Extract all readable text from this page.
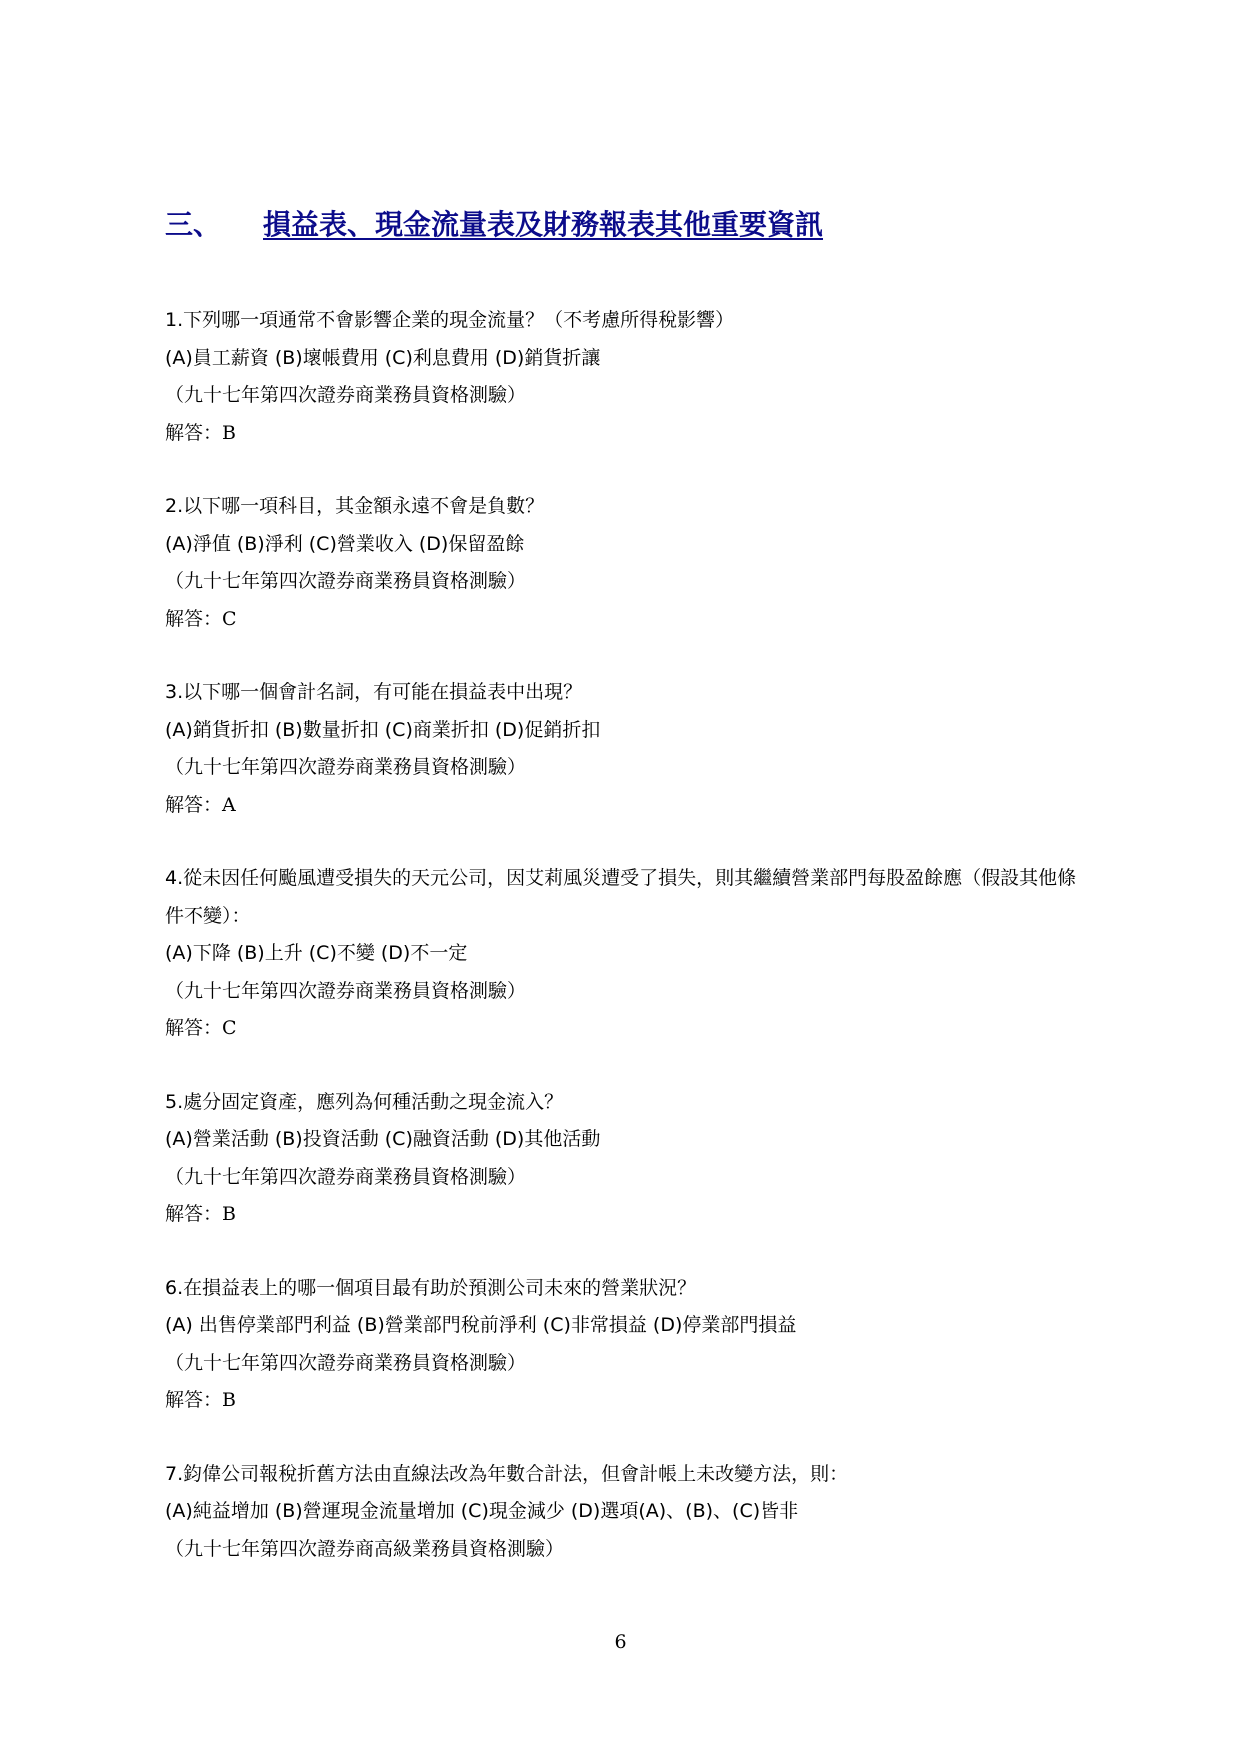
三、 損益表、現金流量表及財務報表其他重要資訊
1.下列哪一項通常不會影響企業的現金流量？（不考慮所得稅影響）
(A)員工薪資 (B)壞帳費用 (C)利息費用 (D)銷貨折讓
（九十七年第四次證券商業務員資格測驗）
解答：B
2.以下哪一項科目，其金額永遠不會是負數？
(A)淨值 (B)淨利 (C)營業收入 (D)保留盈餘
（九十七年第四次證券商業務員資格測驗）
解答：C
3.以下哪一個會計名詞，有可能在損益表中出現？
(A)銷貨折扣 (B)數量折扣 (C)商業折扣 (D)促銷折扣
（九十七年第四次證券商業務員資格測驗）
解答：A
4.從未因任何颱風遭受損失的天元公司，因艾莉風災遭受了損失，則其繼續營業部門每股盈餘應（假設其他條件不變）：
(A)下降 (B)上升 (C)不變 (D)不一定
（九十七年第四次證券商業務員資格測驗）
解答：C
5.處分固定資產，應列為何種活動之現金流入？
(A)營業活動 (B)投資活動 (C)融資活動 (D)其他活動
（九十七年第四次證券商業務員資格測驗）
解答：B
6.在損益表上的哪一個項目最有助於預測公司未來的營業狀況？
(A) 出售停業部門利益 (B)營業部門稅前淨利 (C)非常損益 (D)停業部門損益
（九十七年第四次證券商業務員資格測驗）
解答：B
7.鈞偉公司報稅折舊方法由直線法改為年數合計法，但會計帳上未改變方法，則：
(A)純益增加 (B)營運現金流量增加 (C)現金減少 (D)選項(A)、(B)、(C)皆非
（九十七年第四次證券商高級業務員資格測驗）
6
